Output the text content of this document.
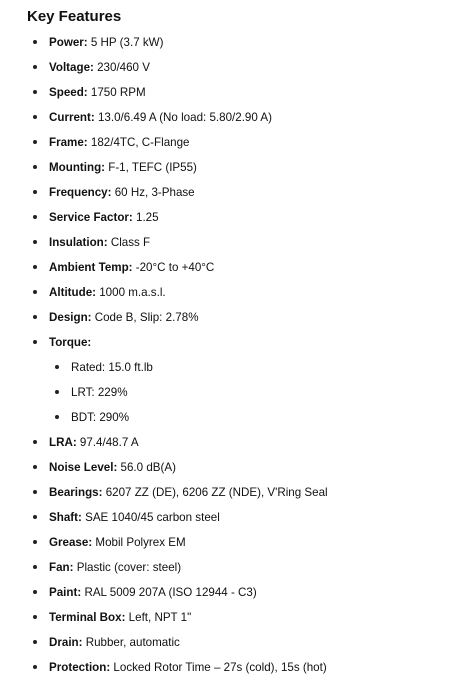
Key Features
Power: 5 HP (3.7 kW)
Voltage: 230/460 V
Speed: 1750 RPM
Current: 13.0/6.49 A (No load: 5.80/2.90 A)
Frame: 182/4TC, C-Flange
Mounting: F-1, TEFC (IP55)
Frequency: 60 Hz, 3-Phase
Service Factor: 1.25
Insulation: Class F
Ambient Temp: -20°C to +40°C
Altitude: 1000 m.a.s.l.
Design: Code B, Slip: 2.78%
Torque:
Rated: 15.0 ft.lb
LRT: 229%
BDT: 290%
LRA: 97.4/48.7 A
Noise Level: 56.0 dB(A)
Bearings: 6207 ZZ (DE), 6206 ZZ (NDE), V'Ring Seal
Shaft: SAE 1040/45 carbon steel
Grease: Mobil Polyrex EM
Fan: Plastic (cover: steel)
Paint: RAL 5009 207A (ISO 12944 - C3)
Terminal Box: Left, NPT 1"
Drain: Rubber, automatic
Protection: Locked Rotor Time – 27s (cold), 15s (hot)
